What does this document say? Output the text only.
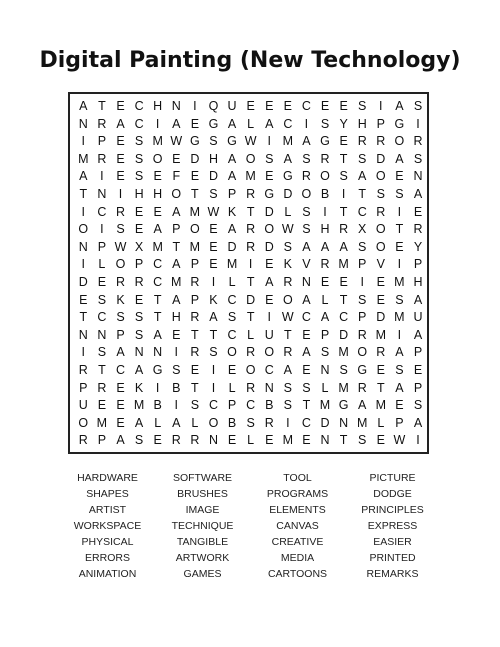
Digital Painting (New Technology)
A T E C H N I Q U E E E C E E S	I	A S
N R A C I	A E G A L A C I	S Y H P G I
I	P E S M W G S G W I M A G E R R O R
M R E S O E D H A O S A S R T S D A S
A	I	E S E F E D A M E G R O S A O E N
T N I H H O T S P R G D O B	I	T S S A
I C R E E A M W K T D L S	I	T C R I	E
O I	S E A P O E A R O W S H R X O T R
N P W X M T M E D R D S A A A S O E Y
I	L O P C A P E M I	E K V R M P V	I	P
D E R R C M R I	L T A R N E E	I	E M H
E S K E T A P K C D E O A L T S E S A
T C S S T H R A S T	I W C A C P D M U
N N P S A E T T C L U T E P D R M I	A
I	S A N N I R S O R O R A S M O R A P
R T C A G S E	I	E O C A E N S G E S E
P R E K	I	B T	I	L R N S S L M R T A P
U E E M B	I	S C P C B S T M G A M E S
O M E A L A L O B S R I C D N M L P A
R P A S E R R N E L E M E N T S E W I
HARDWARE	SOFTWARE	TOOL	PICTURE
SHAPES	BRUSHES	PROGRAMS	DODGE
ARTIST	IMAGE	ELEMENTS	PRINCIPLES
WORKSPACE	TECHNIQUE	CANVAS	EXPRESS
PHYSICAL	TANGIBLE	CREATIVE	EASIER
ERRORS	ARTWORK	MEDIA	PRINTED
ANIMATION	GAMES	CARTOONS	REMARKS
